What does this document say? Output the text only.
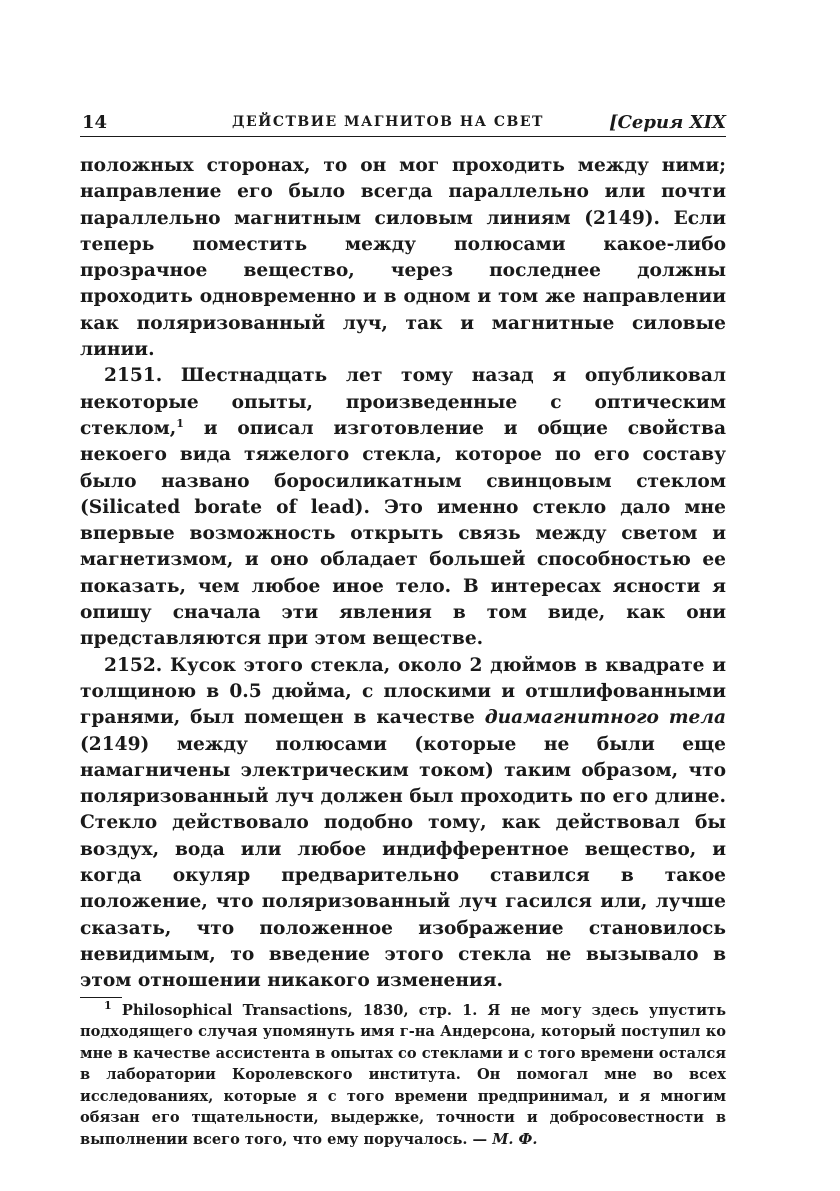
14	ДЕЙСТВИЕ МАГНИТОВ НА СВЕТ	[Серия XIX

положных сторонах, то он мог проходить между ними; направление его было всегда параллельно или почти параллельно магнитным силовым линиям (2149). Если теперь поместить между полюсами какое-либо прозрачное вещество, через последнее должны проходить одновременно и в одном и том же направлении как поляризованный луч, так и магнитные силовые линии.

2151. Шестнадцать лет тому назад я опубликовал некоторые опыты, произведенные с оптическим стеклом,$^1$ и описал изготовление и общие свойства некоего вида тяжелого стекла, которое по его составу было названо боросиликатным свинцовым стеклом (Silicated borate of lead). Это именно стекло дало мне впервые возможность открыть связь между светом и магнетизмом, и оно обладает большей способностью ее показать, чем любое иное тело. В интересах ясности я опишу сначала эти явления в том виде, как они представляются при этом веществе.

2152. Кусок этого стекла, около 2 дюймов в квадрате и толщиною в 0.5 дюйма, с плоскими и отшлифованными гранями, был помещен в качестве диамагнитного тела (2149) между полюсами (которые не были еще намагничены электрическим током) таким образом, что поляризованный луч должен был проходить по его длине. Стекло действовало подобно тому, как действовал бы воздух, вода или любое индифферентное вещество, и когда окуляр предварительно ставился в такое положение, что поляризованный луч гасился или, лучше сказать, что положенное изображение становилось невидимым, то введение этого стекла не вызывало в этом отношении никакого изменения.

$^1$ Philosophical Transactions, 1830, стр. 1. Я не могу здесь упустить подходящего случая упомянуть имя г-на Андерсона, который поступил ко мне в качестве ассистента в опытах со стеклами и с того времени остался в лаборатории Королевского института. Он помогал мне во всех исследованиях, которые я с того времени предпринимал, и я многим обязан его тщательности, выдержке, точности и добросовестности в выполнении всего того, что ему поручалось. — М. Ф.
